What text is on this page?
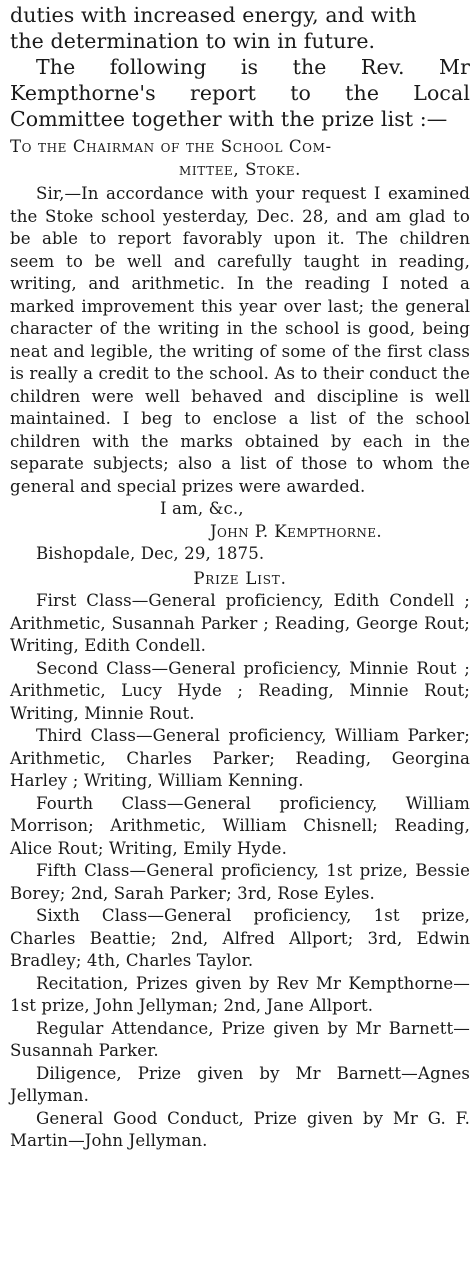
duties with increased energy, and with

the determination to win in future.

The following is the Rev. Mr Kempthorne's report to the Local Committee together with the prize list :—

To the Chairman of the School Com-

mittee, Stoke.

Sir,—In accordance with your request I examined the Stoke school yesterday, Dec. 28, and am glad to be able to report favorably upon it. The children seem to be well and carefully taught in reading, writing, and arithmetic. In the reading I noted a marked improvement this year over last; the general character of the writing in the school is good, being neat and legible, the writing of some of the first class is really a credit to the school. As to their conduct the children were well behaved and discipline is well maintained. I beg to enclose a list of the school children with the marks obtained by each in the separate subjects; also a list of those to whom the general and special prizes were awarded.

I am, &c.,

John P. Kempthorne.

Bishopdale, Dec, 29, 1875.

Prize List.

First Class—General proficiency, Edith Condell ; Arithmetic, Susannah Parker ; Reading, George Rout; Writing, Edith Condell.

Second Class—General proficiency, Minnie Rout ; Arithmetic, Lucy Hyde ; Reading, Minnie Rout; Writing, Minnie Rout.

Third Class—General proficiency, William Parker; Arithmetic, Charles Parker; Reading, Georgina Harley ; Writing, William Kenning.

Fourth Class—General proficiency, William Morrison; Arithmetic, William Chisnell; Reading, Alice Rout; Writing, Emily Hyde.

Fifth Class—General proficiency, 1st prize, Bessie Borey; 2nd, Sarah Parker; 3rd, Rose Eyles.

Sixth Class—General proficiency, 1st prize, Charles Beattie; 2nd, Alfred Allport; 3rd, Edwin Bradley; 4th, Charles Taylor.

Recitation, Prizes given by Rev Mr Kempthorne—1st prize, John Jellyman; 2nd, Jane Allport.

Regular Attendance, Prize given by Mr Barnett—Susannah Parker.

Diligence, Prize given by Mr Barnett—Agnes Jellyman.

General Good Conduct, Prize given by Mr G. F. Martin—John Jellyman.
